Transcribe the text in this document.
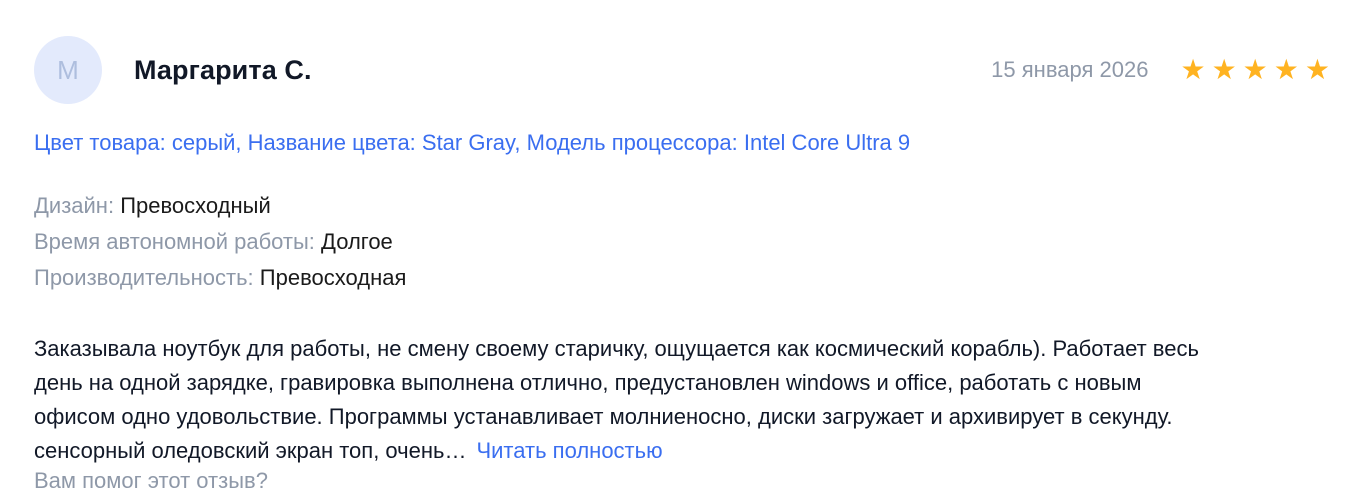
M	Маргарита С.	15 января 2026 ★ ★ ★ ★ ★
Цвет товара: серый, Название цвета: Star Gray, Модель процессора: Intel Core Ultra 9
Дизайн: Превосходный
Время автономной работы: Долгое
Производительность: Превосходная
Заказывала ноутбук для работы, не смену своему старичку, ощущается как космический корабль). Работает весь день на одной зарядке, гравировка выполнена отлично, предустановлен windows и office, работать с новым офисом одно удовольствие. Программы устанавливает молниеносно, диски загружает и архивирует в секунду. сенсорный оледовский экран топ, очень… Читать полностью
Вам помог этот отзыв?
